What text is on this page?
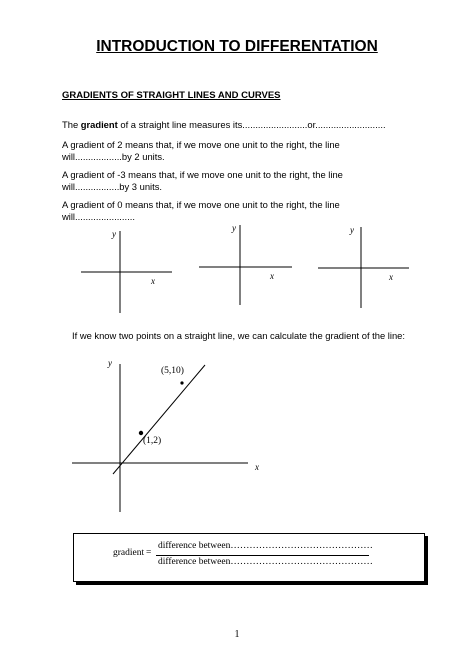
INTRODUCTION TO DIFFERENTATION
GRADIENTS OF STRAIGHT LINES AND CURVES
The gradient of a straight line measures its.........................or...........................
A gradient of 2 means that, if we move one unit to the right, the line will..................by 2 units.
A gradient of -3 means that, if we move one unit to the right, the line will.................by 3 units.
A gradient of 0 means that, if we move one unit to the right, the line will.......................
y
x
y
x
y
x
If we know two points on a straight line, we can calculate the gradient of the line:
y
x
(5,10)
(1,2)
gradient =
difference between………………………………………
difference between………………………………………
1
